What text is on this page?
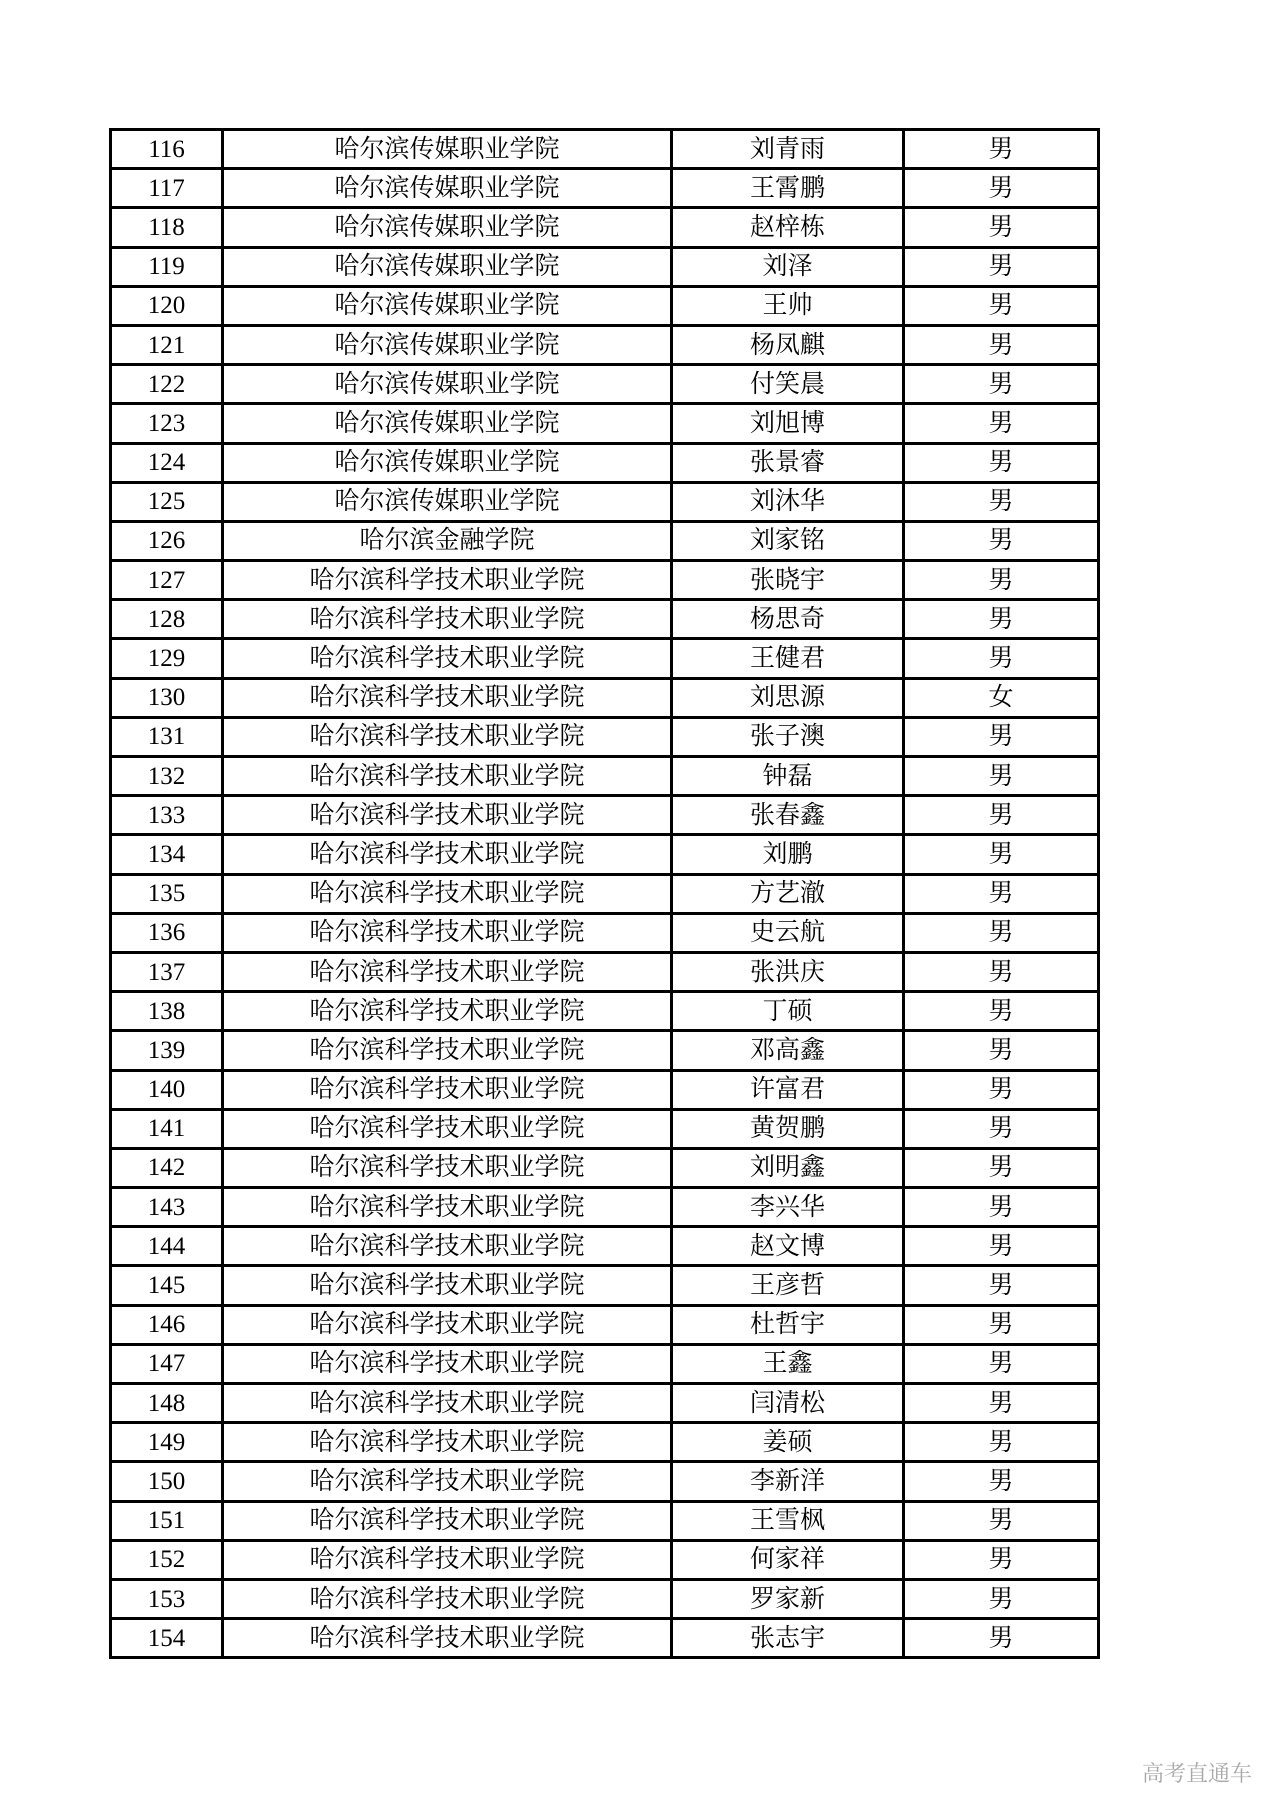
116	哈尔滨传媒职业学院	刘青雨	男
117	哈尔滨传媒职业学院	王霄鹏	男
118	哈尔滨传媒职业学院	赵梓栋	男
119	哈尔滨传媒职业学院	刘泽	男
120	哈尔滨传媒职业学院	王帅	男
121	哈尔滨传媒职业学院	杨凤麒	男
122	哈尔滨传媒职业学院	付笑晨	男
123	哈尔滨传媒职业学院	刘旭博	男
124	哈尔滨传媒职业学院	张景睿	男
125	哈尔滨传媒职业学院	刘沐华	男
126	哈尔滨金融学院	刘家铭	男
127	哈尔滨科学技术职业学院	张晓宇	男
128	哈尔滨科学技术职业学院	杨思奇	男
129	哈尔滨科学技术职业学院	王健君	男
130	哈尔滨科学技术职业学院	刘思源	女
131	哈尔滨科学技术职业学院	张子澳	男
132	哈尔滨科学技术职业学院	钟磊	男
133	哈尔滨科学技术职业学院	张春鑫	男
134	哈尔滨科学技术职业学院	刘鹏	男
135	哈尔滨科学技术职业学院	方艺澈	男
136	哈尔滨科学技术职业学院	史云航	男
137	哈尔滨科学技术职业学院	张洪庆	男
138	哈尔滨科学技术职业学院	丁硕	男
139	哈尔滨科学技术职业学院	邓高鑫	男
140	哈尔滨科学技术职业学院	许富君	男
141	哈尔滨科学技术职业学院	黄贺鹏	男
142	哈尔滨科学技术职业学院	刘明鑫	男
143	哈尔滨科学技术职业学院	李兴华	男
144	哈尔滨科学技术职业学院	赵文博	男
145	哈尔滨科学技术职业学院	王彦哲	男
146	哈尔滨科学技术职业学院	杜哲宇	男
147	哈尔滨科学技术职业学院	王鑫	男
148	哈尔滨科学技术职业学院	闫清松	男
149	哈尔滨科学技术职业学院	姜硕	男
150	哈尔滨科学技术职业学院	李新洋	男
151	哈尔滨科学技术职业学院	王雪枫	男
152	哈尔滨科学技术职业学院	何家祥	男
153	哈尔滨科学技术职业学院	罗家新	男
154	哈尔滨科学技术职业学院	张志宇	男
高考直通车
